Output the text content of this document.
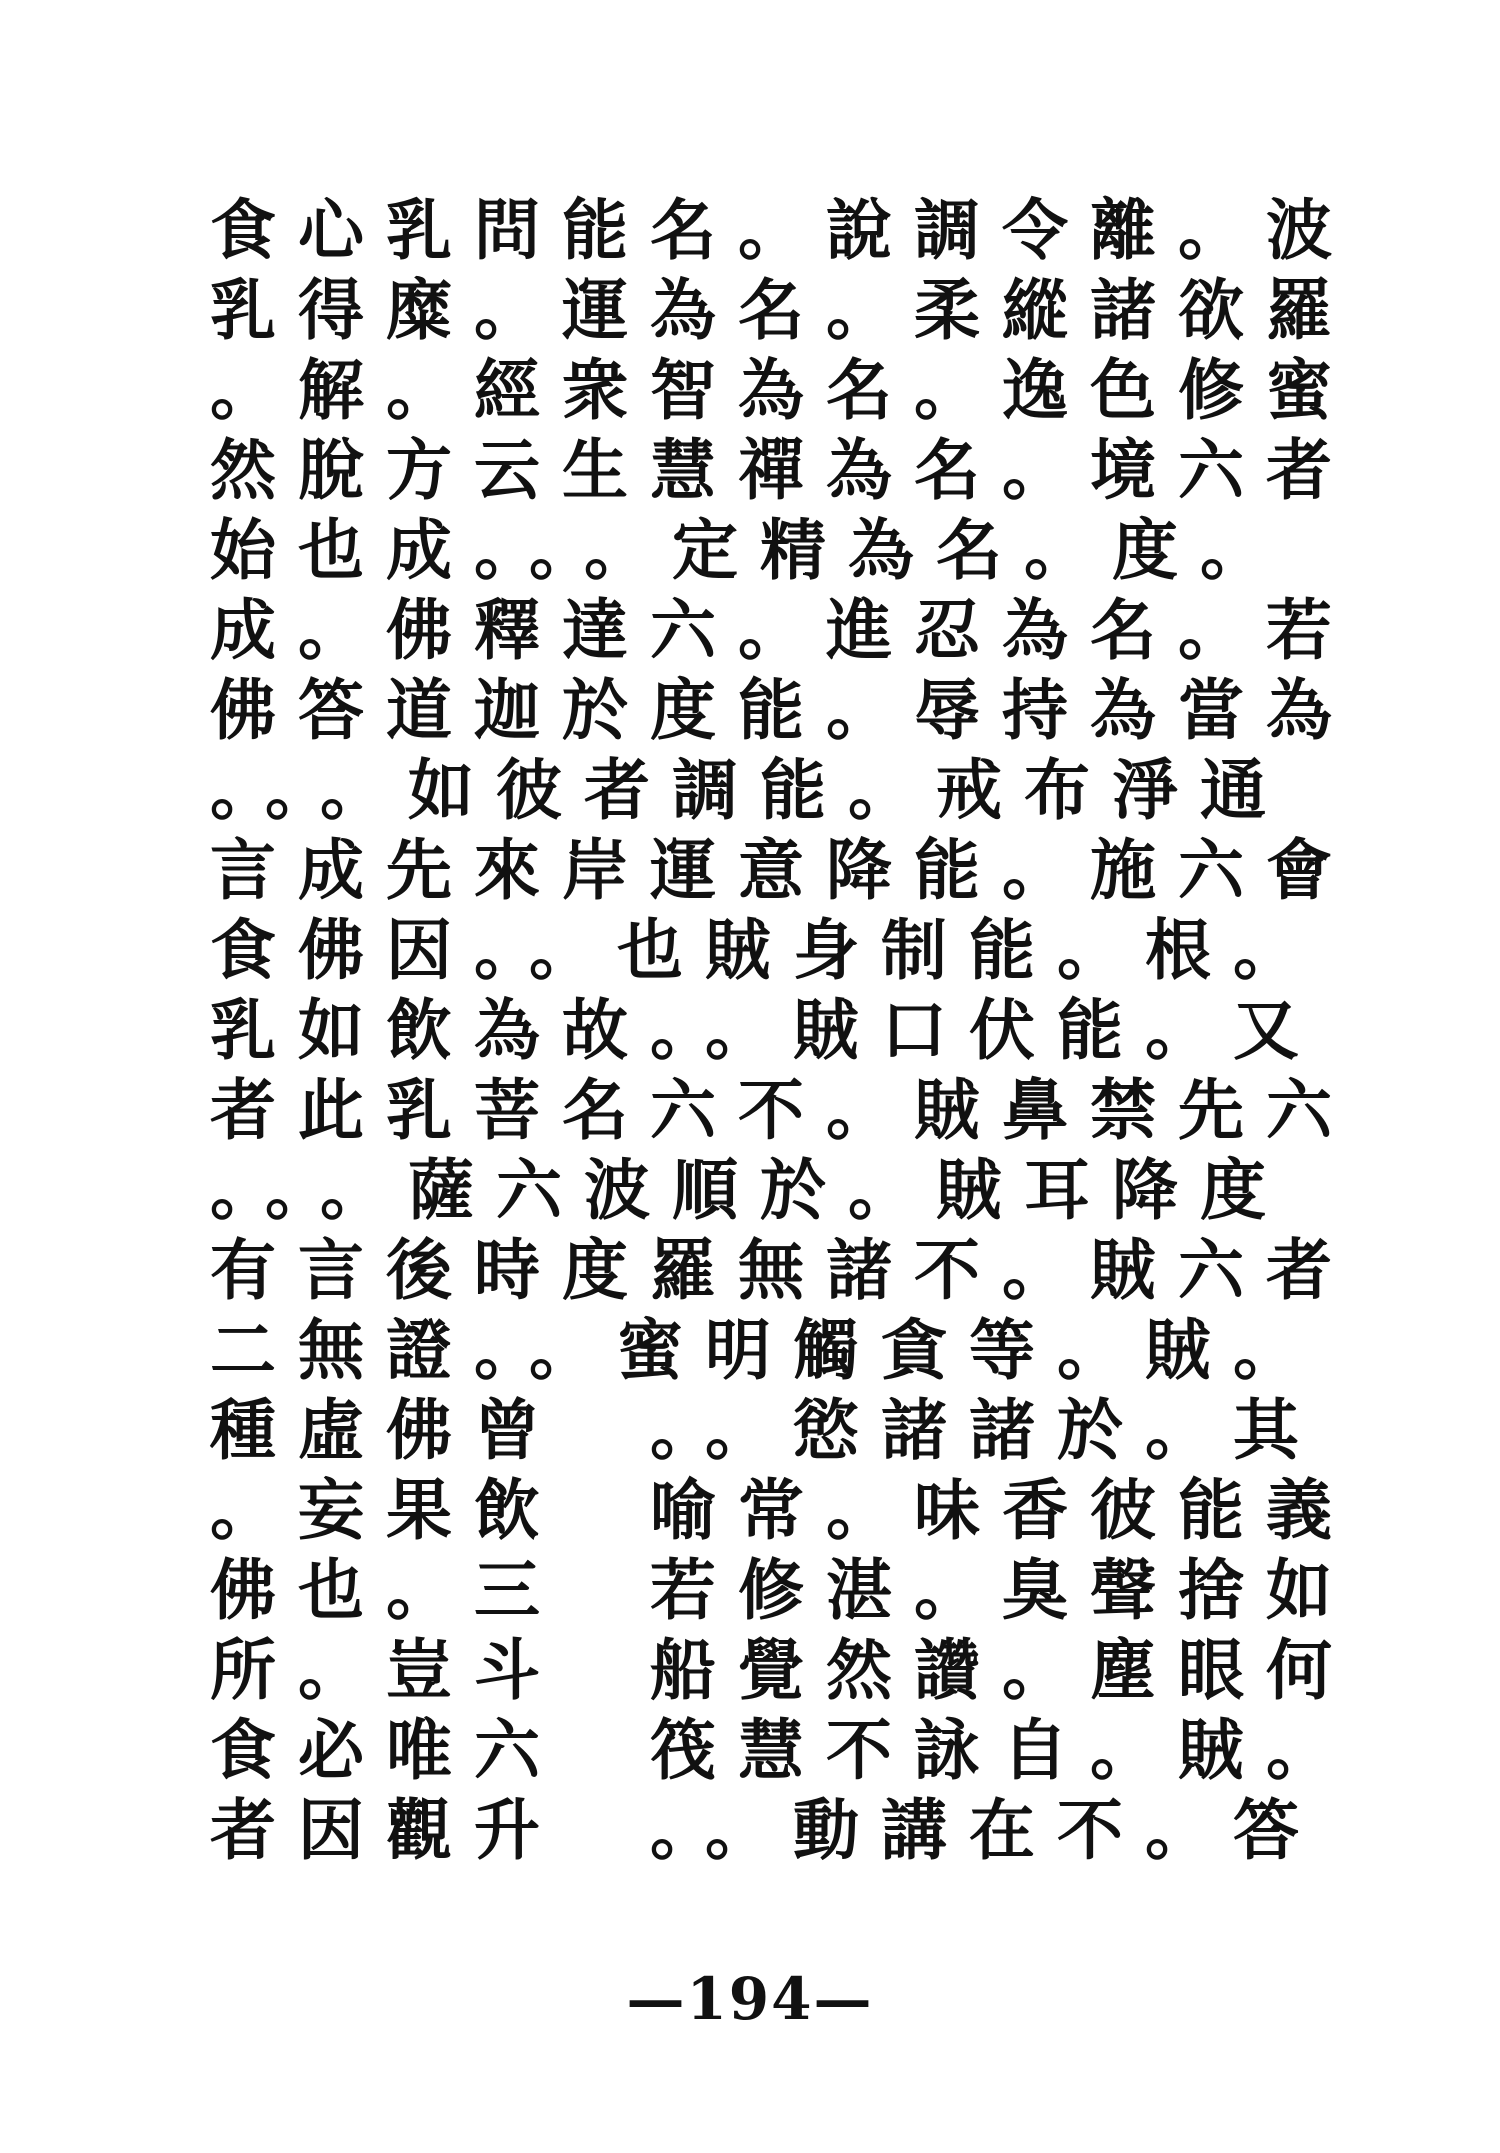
食心乳問能名。說調令離。波
乳得糜。運為名。柔縱諸欲羅
。解。經衆智為名。逸色修蜜
然脫方云生慧禪為名。境六者
始也成。。。定精為名。度。
成。佛釋達六。進忍為名。若
佛答道迦於度能。辱持為當為
。。。如彼者調能。戒布淨通
言成先來岸運意降能。施六會
食佛因。。也賊身制能。根。
乳如飲為故。。賊口伏能。又
者此乳菩名六不。賊鼻禁先六
。。。薩六波順於。賊耳降度
有言後時度羅無諸不。賊六者
二無證。。蜜明觸貪等。賊。
種虛佛曾　。。慾諸諸於。其
。妄果飲　喻常。味香彼能義
佛也。三　若修湛。臭聲捨如
所。豈斗　船覺然讚。塵眼何
食必唯六　筏慧不詠自。賊。
者因觀升　。。動講在不。答
—194—
